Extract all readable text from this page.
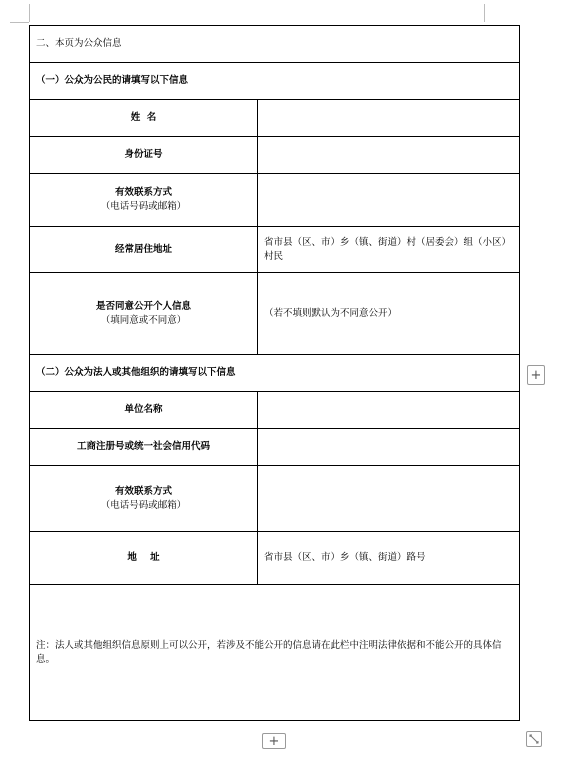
二、本页为公众信息	
（一）公众为公民的请填写以下信息	
姓  名	
身份证号	
有效联系方式
（电话号码或邮箱）	

经常居住地址	省市县（区、市）乡（镇、街道）村（居委会）组（小区）村民
是否同意公开个人信息
（填同意或不同意）	（若不填则默认为不同意公开）
（二）公众为法人或其他组织的请填写以下信息	
单位名称	
工商注册号或统一社会信用代码	
有效联系方式
（电话号码或邮箱）	

地    址	省市县（区、市）乡（镇、街道）路号
注：法人或其他组织信息原则上可以公开，若涉及不能公开的信息请在此栏中注明法律依据和不能公开的具体信息。	
+
+
